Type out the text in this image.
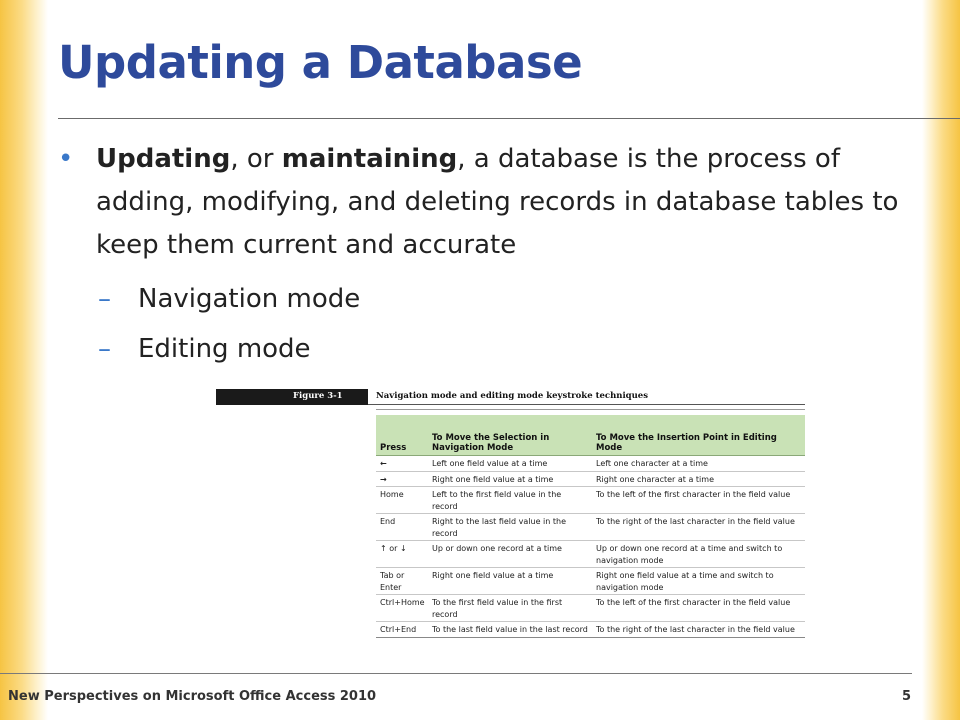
Updating a Database
• Updating, or maintaining, a database is the process of adding, modifying, and deleting records in database tables to keep them current and accurate
– Navigation mode
– Editing mode
Figure 3-1	Navigation mode and editing mode keystroke techniques
Press	To Move the Selection in Navigation Mode	To Move the Insertion Point in Editing Mode
←	Left one field value at a time	Left one character at a time
→	Right one field value at a time	Right one character at a time
Home	Left to the first field value in the record	To the left of the first character in the field value
End	Right to the last field value in the record	To the right of the last character in the field value
↑ or ↓	Up or down one record at a time	Up or down one record at a time and switch to navigation mode
Tab or Enter	Right one field value at a time	Right one field value at a time and switch to navigation mode
Ctrl+Home	To the first field value in the first record	To the left of the first character in the field value
Ctrl+End	To the last field value in the last record	To the right of the last character in the field value
New Perspectives on Microsoft Office Access 2010	5
